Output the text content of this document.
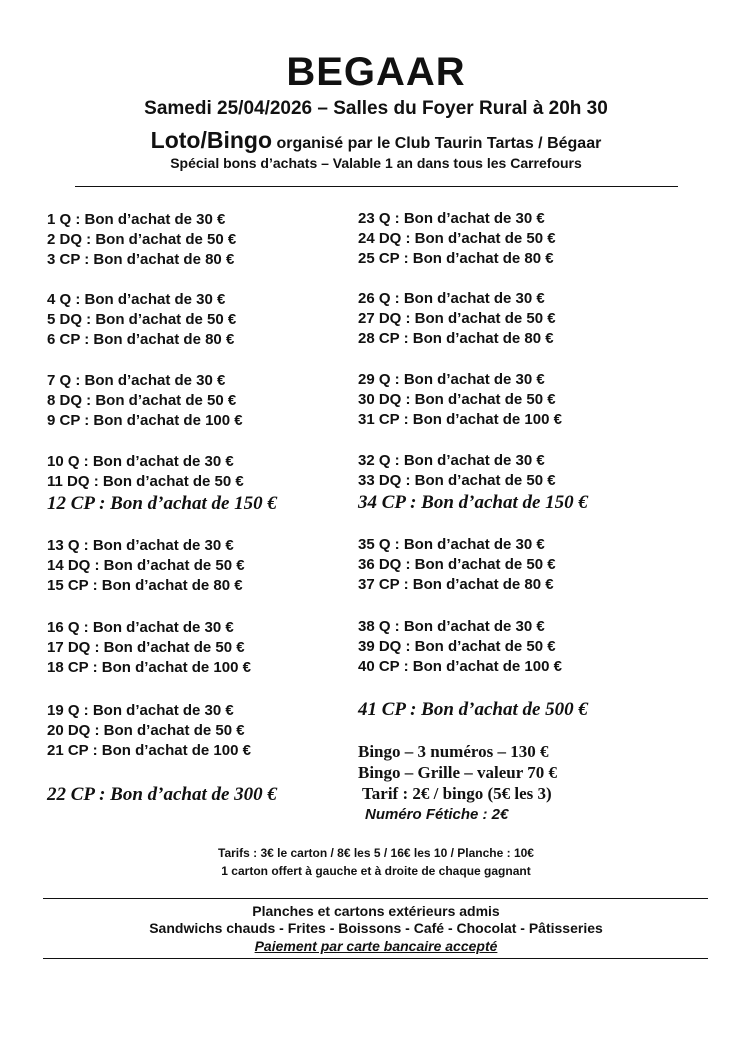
BEGAAR
Samedi 25/04/2026 – Salles du Foyer Rural à 20h 30
Loto/Bingo organisé par le Club Taurin Tartas / Bégaar
Spécial bons d’achats – Valable 1 an dans tous les Carrefours
1 Q : Bon d’achat de 30 €
2 DQ : Bon d’achat de 50 €
3 CP : Bon d’achat de 80 €
4 Q : Bon d’achat de 30 €
5 DQ : Bon d’achat de 50 €
6 CP : Bon d’achat de 80 €
7 Q : Bon d’achat de 30 €
8 DQ : Bon d’achat de 50 €
9 CP : Bon d’achat de 100 €
10 Q : Bon d’achat de 30 €
11 DQ : Bon d’achat de 50 €
12 CP : Bon d’achat de 150 €
13 Q : Bon d’achat de 30 €
14 DQ : Bon d’achat de 50 €
15 CP : Bon d’achat de 80 €
16 Q : Bon d’achat de 30 €
17 DQ : Bon d’achat de 50 €
18 CP : Bon d’achat de 100 €
19 Q : Bon d’achat de 30 €
20 DQ : Bon d’achat de 50 €
21 CP : Bon d’achat de 100 €
22 CP : Bon d’achat de 300 €
23 Q : Bon d’achat de 30 €
24 DQ : Bon d’achat de 50 €
25 CP : Bon d’achat de 80 €
26 Q : Bon d’achat de 30 €
27 DQ : Bon d’achat de 50 €
28 CP : Bon d’achat de 80 €
29 Q : Bon d’achat de 30 €
30 DQ : Bon d’achat de 50 €
31 CP : Bon d’achat de 100 €
32 Q : Bon d’achat de 30 €
33 DQ : Bon d’achat de 50 €
34 CP : Bon d’achat de 150 €
35 Q : Bon d’achat de 30 €
36 DQ : Bon d’achat de 50 €
37 CP : Bon d’achat de 80 €
38 Q : Bon d’achat de 30 €
39 DQ : Bon d’achat de 50 €
40 CP : Bon d’achat de 100 €
41 CP : Bon d’achat de 500 €
Bingo – 3 numéros – 130 €
Bingo – Grille – valeur 70 €
Tarif : 2€ / bingo (5€ les 3)
Numéro Fétiche : 2€
Tarifs : 3€ le carton / 8€ les 5 / 16€ les 10 / Planche : 10€
1 carton offert à gauche et à droite de chaque gagnant
Planches et cartons extérieurs admis
Sandwichs chauds - Frites - Boissons - Café - Chocolat - Pâtisseries
Paiement par carte bancaire accepté
